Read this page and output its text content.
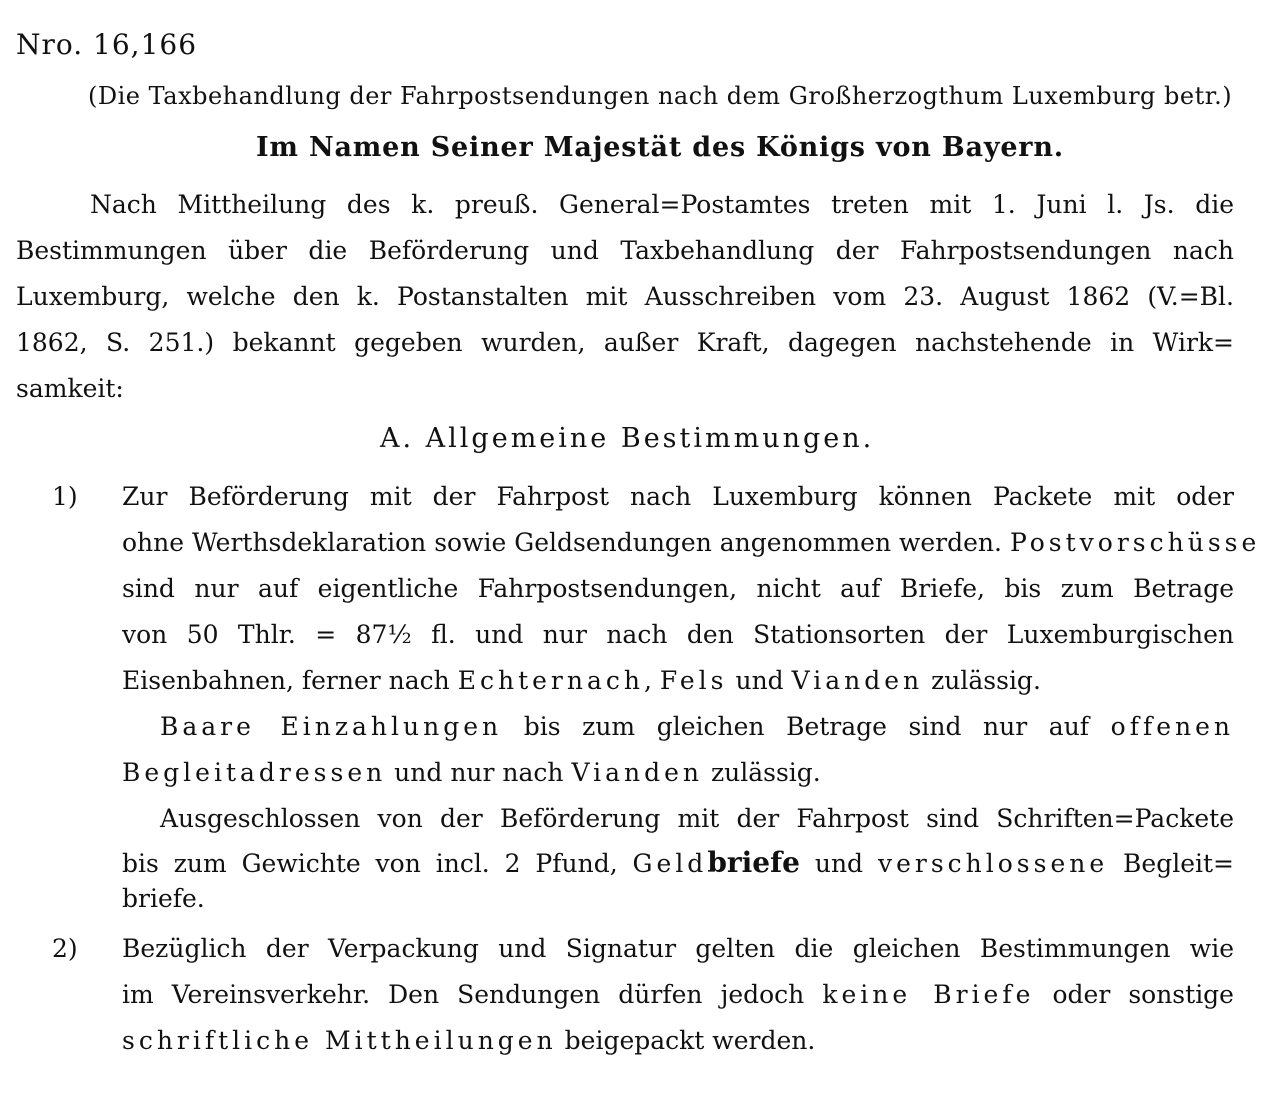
Nro. 16,166
(Die Taxbehandlung der Fahrpostsendungen nach dem Großherzogthum Luxemburg betr.)
Im Namen Seiner Majestät des Königs von Bayern.
Nach Mittheilung des k. preuß. General=Postamtes treten mit 1. Juni l. Js. die
Bestimmungen über die Beförderung und Taxbehandlung der Fahrpostsendungen nach
Luxemburg, welche den k. Postanstalten mit Ausschreiben vom 23. August 1862 (V.=Bl.
1862, S. 251.) bekannt gegeben wurden, außer Kraft, dagegen nachstehende in Wirk=
samkeit:
A. Allgemeine Bestimmungen.
1) Zur Beförderung mit der Fahrpost nach Luxemburg können Packete mit oder
ohne Werthsdeklaration sowie Geldsendungen angenommen werden. Postvorschüsse
sind nur auf eigentliche Fahrpostsendungen, nicht auf Briefe, bis zum Betrage
von 50 Thlr. = 87½ fl. und nur nach den Stationsorten der Luxemburgischen
Eisenbahnen, ferner nach Echternach, Fels und Vianden zulässig.
Baare Einzahlungen bis zum gleichen Betrage sind nur auf offenen
Begleitadressen und nur nach Vianden zulässig.
Ausgeschlossen von der Beförderung mit der Fahrpost sind Schriften=Packete
bis zum Gewichte von incl. 2 Pfund, Geldbriefe und verschlossene Begleit=
briefe.
2) Bezüglich der Verpackung und Signatur gelten die gleichen Bestimmungen wie
im Vereinsverkehr. Den Sendungen dürfen jedoch keine Briefe oder sonstige
schriftliche Mittheilungen beigepackt werden.
